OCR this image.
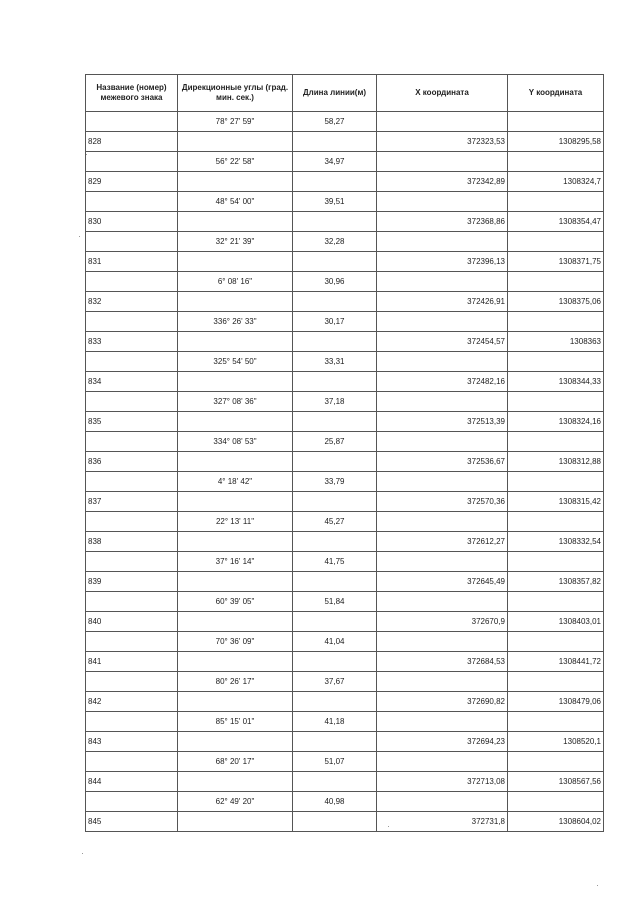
Название (номер) межевого знака	Дирекционные углы (град. мин. сек.)	Длина линии(м)	X координата	Y координата
	78° 27' 59"	58,27		
828			372323,53	1308295,58
	56° 22' 58"	34,97		
829			372342,89	1308324,7
	48° 54' 00"	39,51		
830			372368,86	1308354,47
	32° 21' 39"	32,28		
831			372396,13	1308371,75
	6° 08' 16"	30,96		
832			372426,91	1308375,06
	336° 26' 33"	30,17		
833			372454,57	1308363
	325° 54' 50"	33,31		
834			372482,16	1308344,33
	327° 08' 36"	37,18		
835			372513,39	1308324,16
	334° 08' 53"	25,87		
836			372536,67	1308312,88
	4° 18' 42"	33,79		
837			372570,36	1308315,42
	22° 13' 11"	45,27		
838			372612,27	1308332,54
	37° 16' 14"	41,75		
839			372645,49	1308357,82
	60° 39' 05"	51,84		
840			372670,9	1308403,01
	70° 36' 09"	41,04		
841			372684,53	1308441,72
	80° 26' 17"	37,67		
842			372690,82	1308479,06
	85° 15' 01"	41,18		
843			372694,23	1308520,1
	68° 20' 17"	51,07		
844			372713,08	1308567,56
	62° 49' 20"	40,98		
845			372731,8	1308604,02
